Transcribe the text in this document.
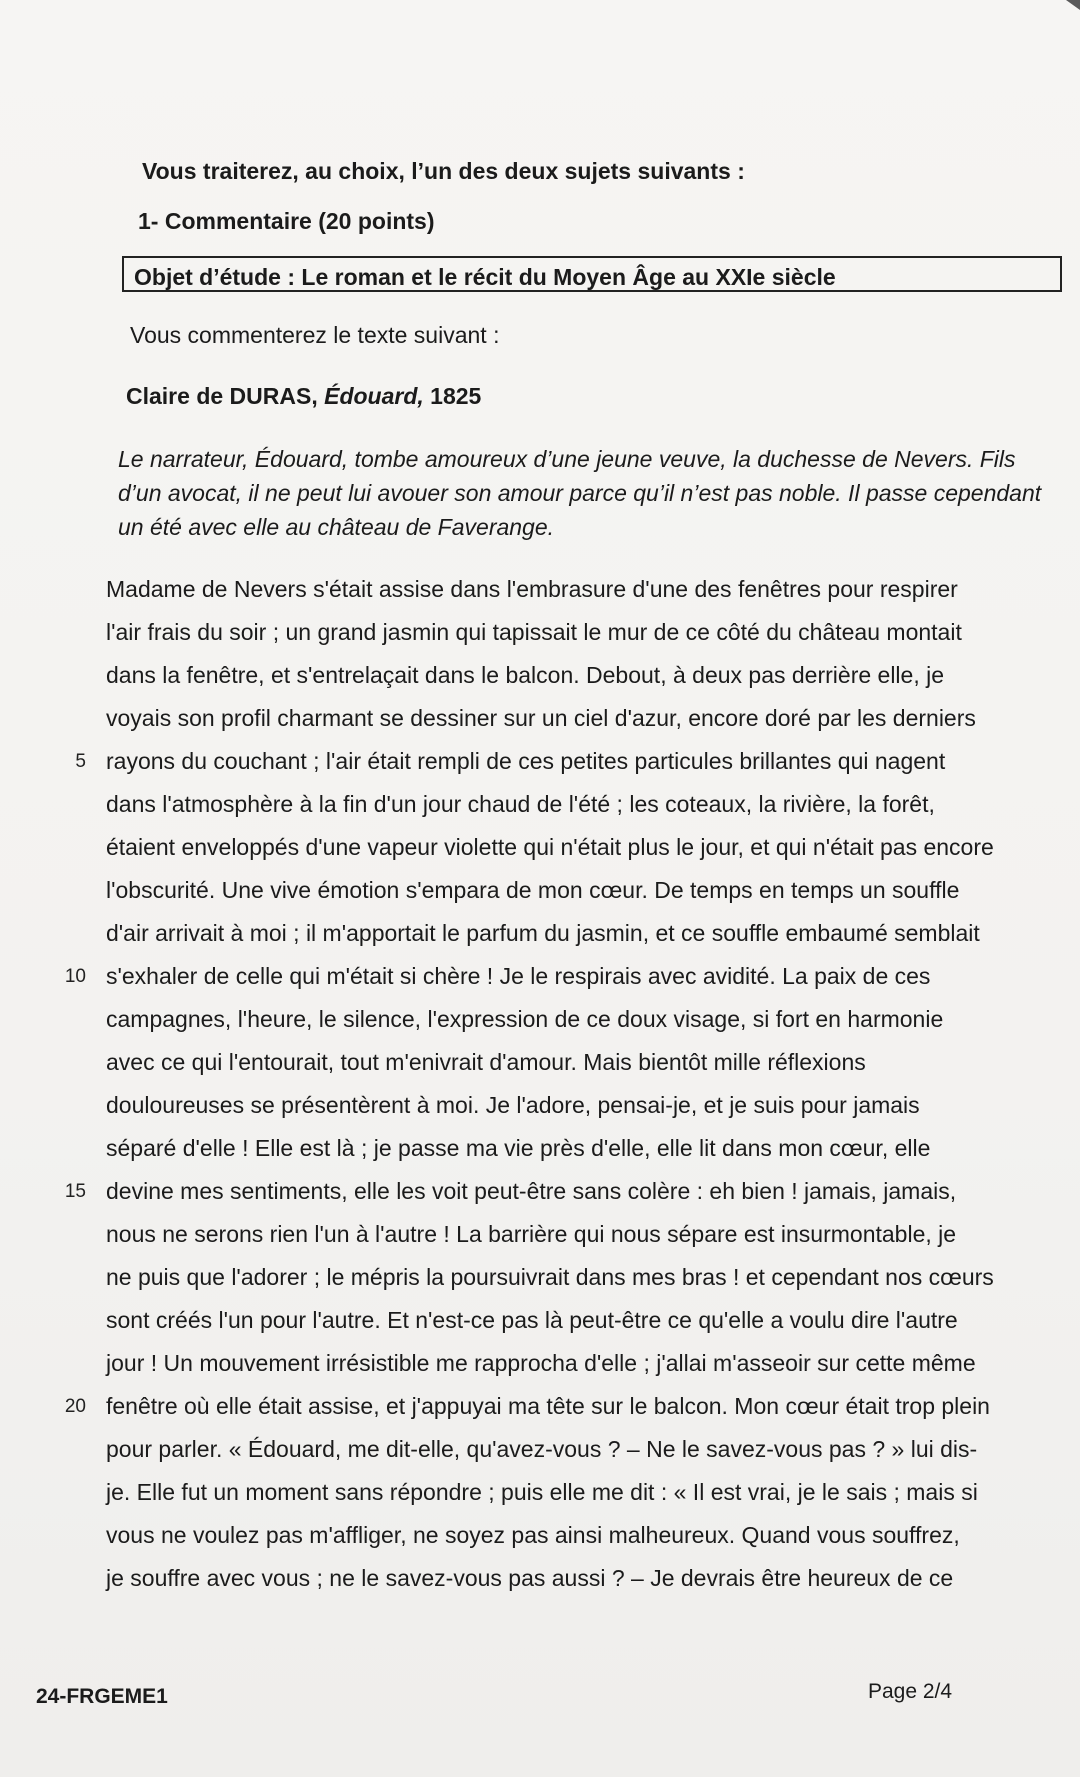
Vous traiterez, au choix, l’un des deux sujets suivants :
1- Commentaire (20 points)
Objet d’étude : Le roman et le récit du Moyen Âge au XXIe siècle
Vous commenterez le texte suivant :
Claire de DURAS, Édouard, 1825
Le narrateur, Édouard, tombe amoureux d’une jeune veuve, la duchesse de Nevers. Fils d’un avocat, il ne peut lui avouer son amour parce qu’il n’est pas noble. Il passe cependant un été avec elle au château de Faverange.
Madame de Nevers s'était assise dans l'embrasure d'une des fenêtres pour respirer
l'air frais du soir ; un grand jasmin qui tapissait le mur de ce côté du château montait
dans la fenêtre, et s'entrelaçait dans le balcon. Debout, à deux pas derrière elle, je
voyais son profil charmant se dessiner sur un ciel d'azur, encore doré par les derniers
5 rayons du couchant ; l'air était rempli de ces petites particules brillantes qui nagent
dans l'atmosphère à la fin d'un jour chaud de l'été ; les coteaux, la rivière, la forêt,
étaient enveloppés d'une vapeur violette qui n'était plus le jour, et qui n'était pas encore
l'obscurité. Une vive émotion s'empara de mon cœur. De temps en temps un souffle
d'air arrivait à moi ; il m'apportait le parfum du jasmin, et ce souffle embaumé semblait
10 s'exhaler de celle qui m'était si chère ! Je le respirais avec avidité. La paix de ces
campagnes, l'heure, le silence, l'expression de ce doux visage, si fort en harmonie
avec ce qui l'entourait, tout m'enivrait d'amour. Mais bientôt mille réflexions
douloureuses se présentèrent à moi. Je l'adore, pensai-je, et je suis pour jamais
séparé d'elle ! Elle est là ; je passe ma vie près d'elle, elle lit dans mon cœur, elle
15 devine mes sentiments, elle les voit peut-être sans colère : eh bien ! jamais, jamais,
nous ne serons rien l'un à l'autre ! La barrière qui nous sépare est insurmontable, je
ne puis que l'adorer ; le mépris la poursuivrait dans mes bras ! et cependant nos cœurs
sont créés l'un pour l'autre. Et n'est-ce pas là peut-être ce qu'elle a voulu dire l'autre
jour ! Un mouvement irrésistible me rapprocha d'elle ; j'allai m'asseoir sur cette même
20 fenêtre où elle était assise, et j'appuyai ma tête sur le balcon. Mon cœur était trop plein
pour parler. « Édouard, me dit-elle, qu'avez-vous ? – Ne le savez-vous pas ? » lui dis-
je. Elle fut un moment sans répondre ; puis elle me dit : « Il est vrai, je le sais ; mais si
vous ne voulez pas m'affliger, ne soyez pas ainsi malheureux. Quand vous souffrez,
je souffre avec vous ; ne le savez-vous pas aussi ? – Je devrais être heureux de ce
24-FRGEME1	Page 2/4
